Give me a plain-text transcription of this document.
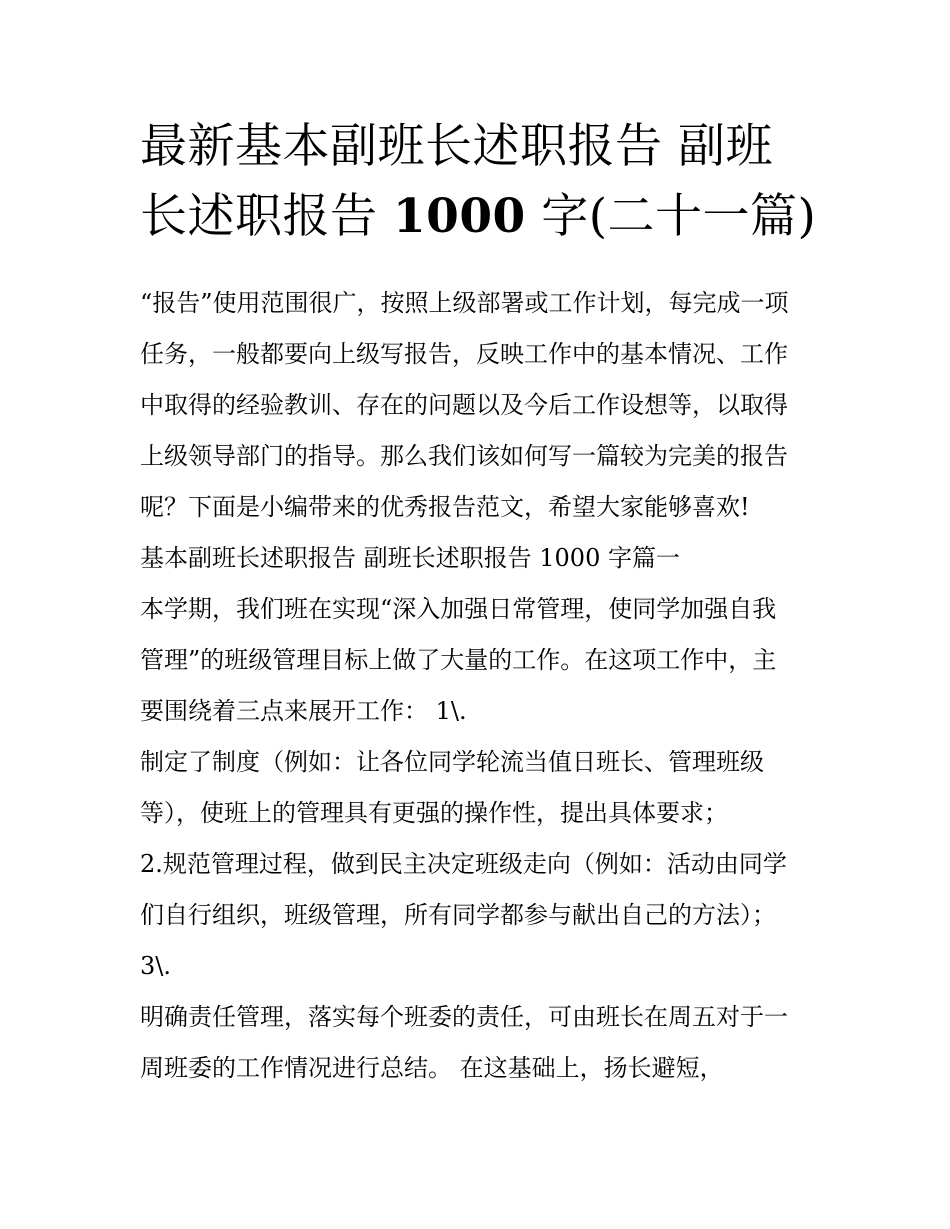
最新基本副班长述职报告 副班
长述职报告 1000 字(二十一篇)

“报告”使用范围很广，按照上级部署或工作计划，每完成一项

任务，一般都要向上级写报告，反映工作中的基本情况、工作

中取得的经验教训、存在的问题以及今后工作设想等，以取得

上级领导部门的指导。那么我们该如何写一篇较为完美的报告

呢？下面是小编带来的优秀报告范文，希望大家能够喜欢!

基本副班长述职报告 副班长述职报告 1000 字篇一

本学期，我们班在实现“深入加强日常管理，使同学加强自我

管理”的班级管理目标上做了大量的工作。在这项工作中，主

要围绕着三点来展开工作： 1\.

制定了制度（例如：让各位同学轮流当值日班长、管理班级

等），使班上的管理具有更强的操作性，提出具体要求；

2.规范管理过程，做到民主决定班级走向（例如：活动由同学

们自行组织，班级管理，所有同学都参与献出自己的方法）；

3\.

明确责任管理，落实每个班委的责任，可由班长在周五对于一

周班委的工作情况进行总结。 在这基础上，扬长避短，
